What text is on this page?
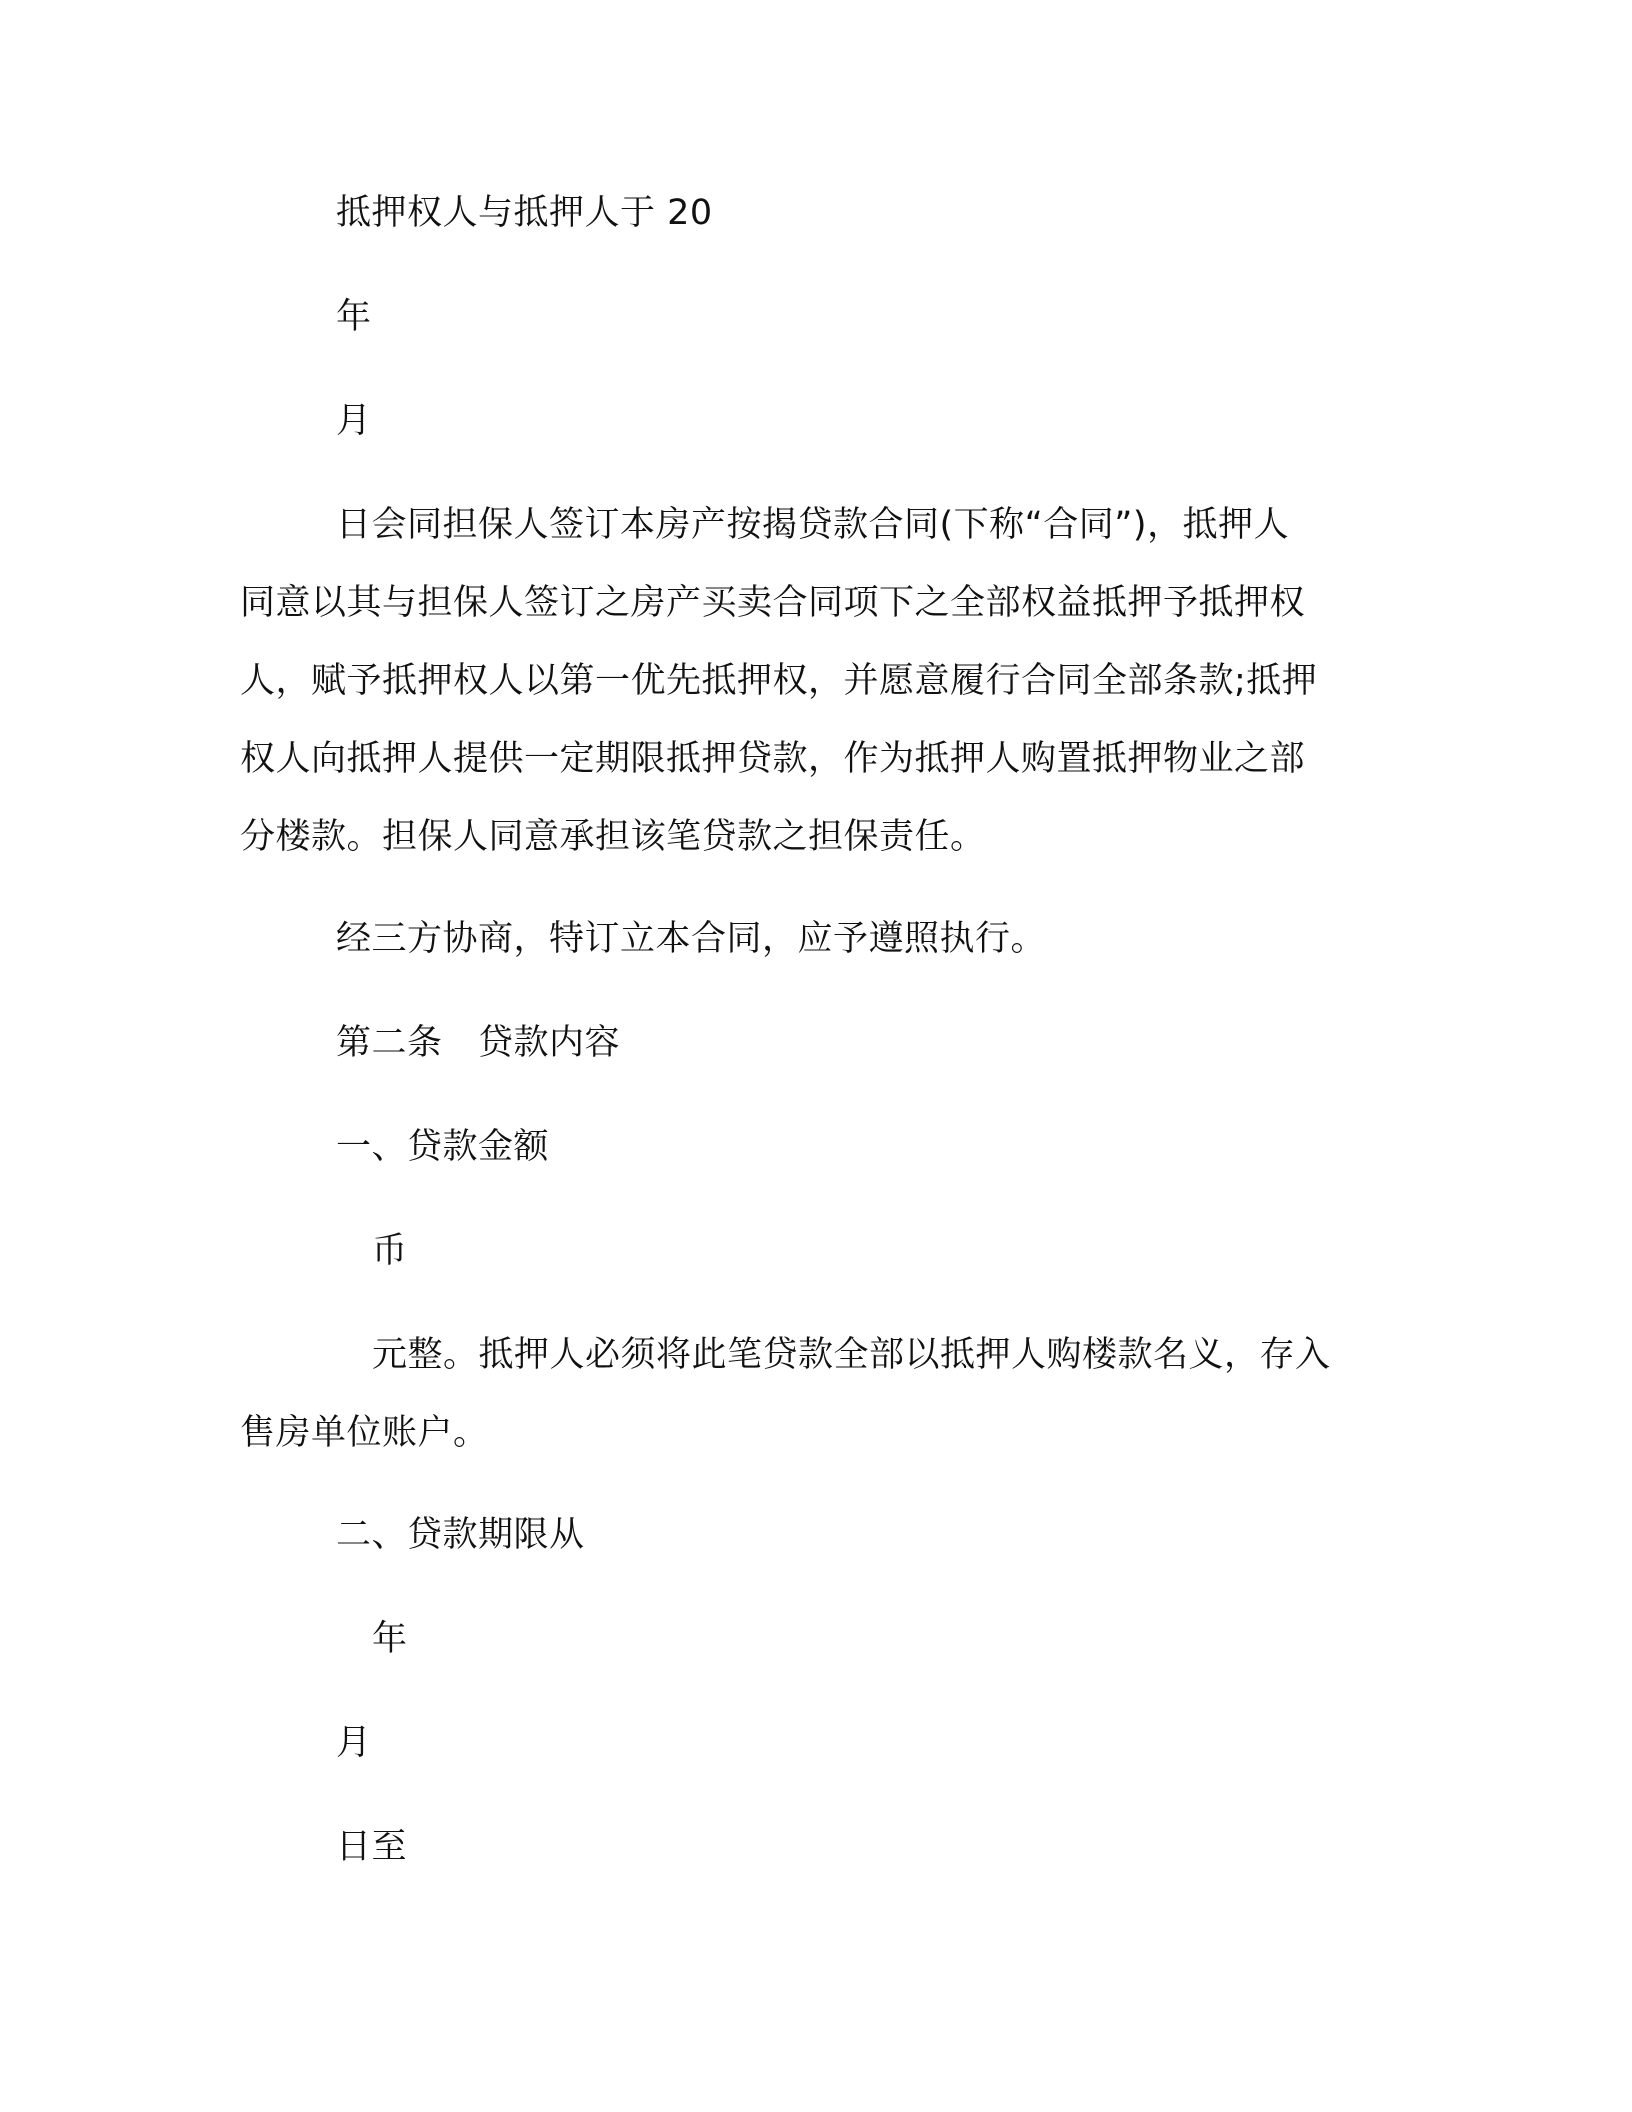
抵押权人与抵押人于 20
年
月
日会同担保人签订本房产按揭贷款合同(下称“合同”)，抵押人
同意以其与担保人签订之房产买卖合同项下之全部权益抵押予抵押权
人，赋予抵押权人以第一优先抵押权，并愿意履行合同全部条款;抵押
权人向抵押人提供一定期限抵押贷款，作为抵押人购置抵押物业之部
分楼款。担保人同意承担该笔贷款之担保责任。
经三方协商，特订立本合同，应予遵照执行。
第二条　贷款内容
一、贷款金额
币
元整。抵押人必须将此笔贷款全部以抵押人购楼款名义，存入
售房单位账户。
二、贷款期限从
年
月
日至
